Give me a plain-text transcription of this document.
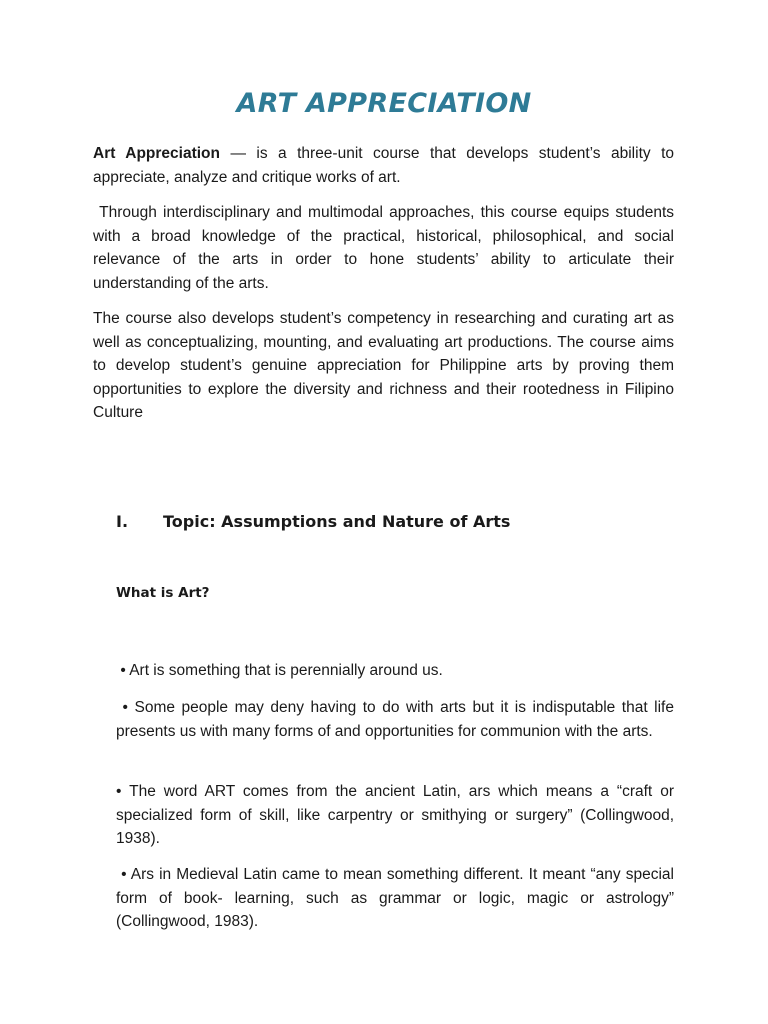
ART APPRECIATION

Art Appreciation — is a three-unit course that develops student’s ability to appreciate, analyze and critique works of art.

Through interdisciplinary and multimodal approaches, this course equips students with a broad knowledge of the practical, historical, philosophical, and social relevance of the arts in order to hone students’ ability to articulate their understanding of the arts.

The course also develops student’s competency in researching and curating art as well as conceptualizing, mounting, and evaluating art productions. The course aims to develop student’s genuine appreciation for Philippine arts by proving them opportunities to explore the diversity and richness and their rootedness in Filipino Culture

I. Topic: Assumptions and Nature of Arts
What is Art?

• Art is something that is perennially around us.

• Some people may deny having to do with arts but it is indisputable that life presents us with many forms of and opportunities for communion with the arts.

• The word ART comes from the ancient Latin, ars which means a “craft or specialized form of skill, like carpentry or smithying or surgery” (Collingwood, 1938).

• Ars in Medieval Latin came to mean something different. It meant “any special form of book- learning, such as grammar or logic, magic or astrology” (Collingwood, 1983).
